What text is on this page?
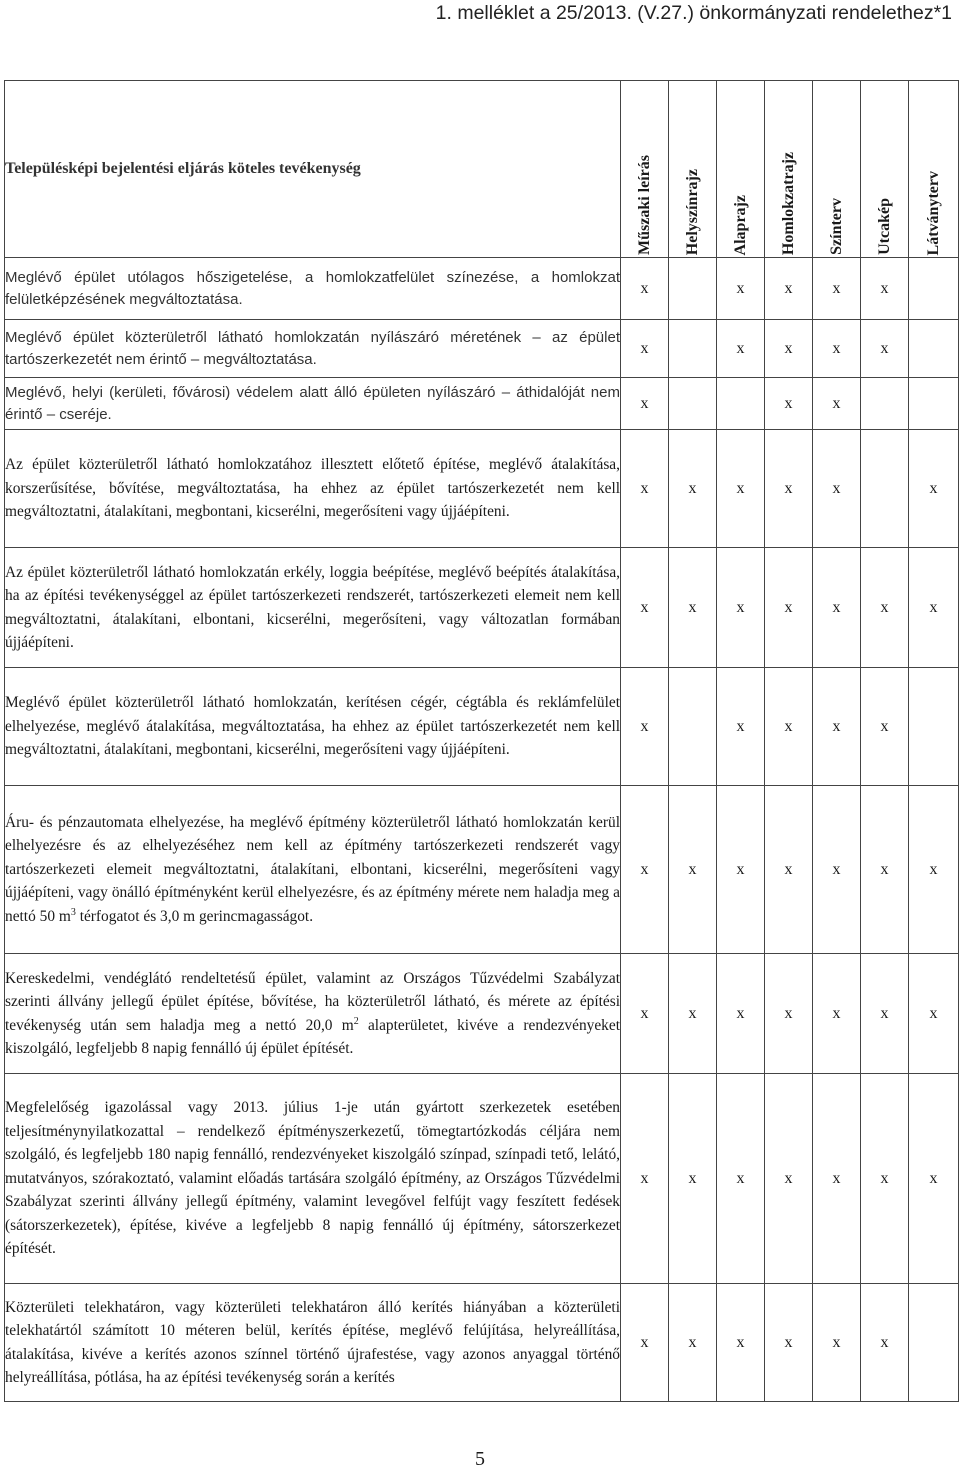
1. melléklet a 25/2013. (V.27.) önkormányzati rendelethez*1
Településképi bejelentési eljárás köteles tevékenység	Műszaki leírás	Helyszínrajz	Alaprajz	Homlokzatrajz	Színterv	Utcakép	Látványterv

Meglévő épület utólagos hőszigetelése, a homlokzatfelület színezése, a homlokzat felületképzésének megváltoztatása.	x		x	x	x	x	
Meglévő épület közterületről látható homlokzatán nyílászáró méretének – az épület tartószerkezetét nem érintő – megváltoztatása.	x		x	x	x	x	
Meglévő, helyi (kerületi, fővárosi) védelem alatt álló épületen nyílászáró – áthidalóját nem érintő – cseréje.	x			x	x		
Az épület közterületről látható homlokzatához illesztett előtető építése, meglévő átalakítása, korszerűsítése, bővítése, megváltoztatása, ha ehhez az épület tartószerkezetét nem kell megváltoztatni, átalakítani, megbontani, kicserélni, megerősíteni vagy újjáépíteni.	x	x	x	x	x		x
Az épület közterületről látható homlokzatán erkély, loggia beépítése, meglévő beépítés átalakítása, ha az építési tevékenységgel az épület tartószerkezeti rendszerét, tartószerkezeti elemeit nem kell megváltoztatni, átalakítani, elbontani, kicserélni, megerősíteni, vagy változatlan formában újjáépíteni.	x	x	x	x	x	x	x
Meglévő épület közterületről látható homlokzatán, kerítésen cégér, cégtábla és reklámfelület elhelyezése, meglévő átalakítása, megváltoztatása, ha ehhez az épület tartószerkezetét nem kell megváltoztatni, átalakítani, megbontani, kicserélni, megerősíteni vagy újjáépíteni.	x		x	x	x	x	
Áru- és pénzautomata elhelyezése, ha meglévő építmény közterületről látható homlokzatán kerül elhelyezésre és az elhelyezéséhez nem kell az építmény tartószerkezeti rendszerét vagy tartószerkezeti elemeit megváltoztatni, átalakítani, elbontani, kicserélni, megerősíteni vagy újjáépíteni, vagy önálló építményként kerül elhelyezésre, és az építmény mérete nem haladja meg a nettó 50 $m^3$ térfogatot és 3,0 m gerincmagasságot.	x	x	x	x	x	x	x
Kereskedelmi, vendéglátó rendeltetésű épület, valamint az Országos Tűzvédelmi Szabályzat szerinti állvány jellegű épület építése, bővítése, ha közterületről látható, és mérete az építési tevékenység után sem haladja meg a nettó 20,0 $m^2$ alapterületet, kivéve a rendezvényeket kiszolgáló, legfeljebb 8 napig fennálló új épület építését.	x	x	x	x	x	x	x
Megfelelőség igazolással vagy 2013. július 1-je után gyártott szerkezetek esetében teljesítménynyilatkozattal – rendelkező építményszerkezetű, tömegtartózkodás céljára nem szolgáló, és legfeljebb 180 napig fennálló, rendezvényeket kiszolgáló színpad, színpadi tető, lelátó, mutatványos, szórakoztató, valamint előadás tartására szolgáló építmény, az Országos Tűzvédelmi Szabályzat szerinti állvány jellegű építmény, valamint levegővel felfújt vagy feszített fedések (sátorszerkezetek), építése, kivéve a legfeljebb 8 napig fennálló új építmény, sátorszerkezet építését.	x	x	x	x	x	x	x
Közterületi telekhatáron, vagy közterületi telekhatáron álló kerítés hiányában a közterületi telekhatártól számított 10 méteren belül, kerítés építése, meglévő felújítása, helyreállítása, átalakítása, kivéve a kerítés azonos színnel történő újrafestése, vagy azonos anyaggal történő helyreállítása, pótlása, ha az építési tevékenység során a kerítés	x	x	x	x	x	x	
5
